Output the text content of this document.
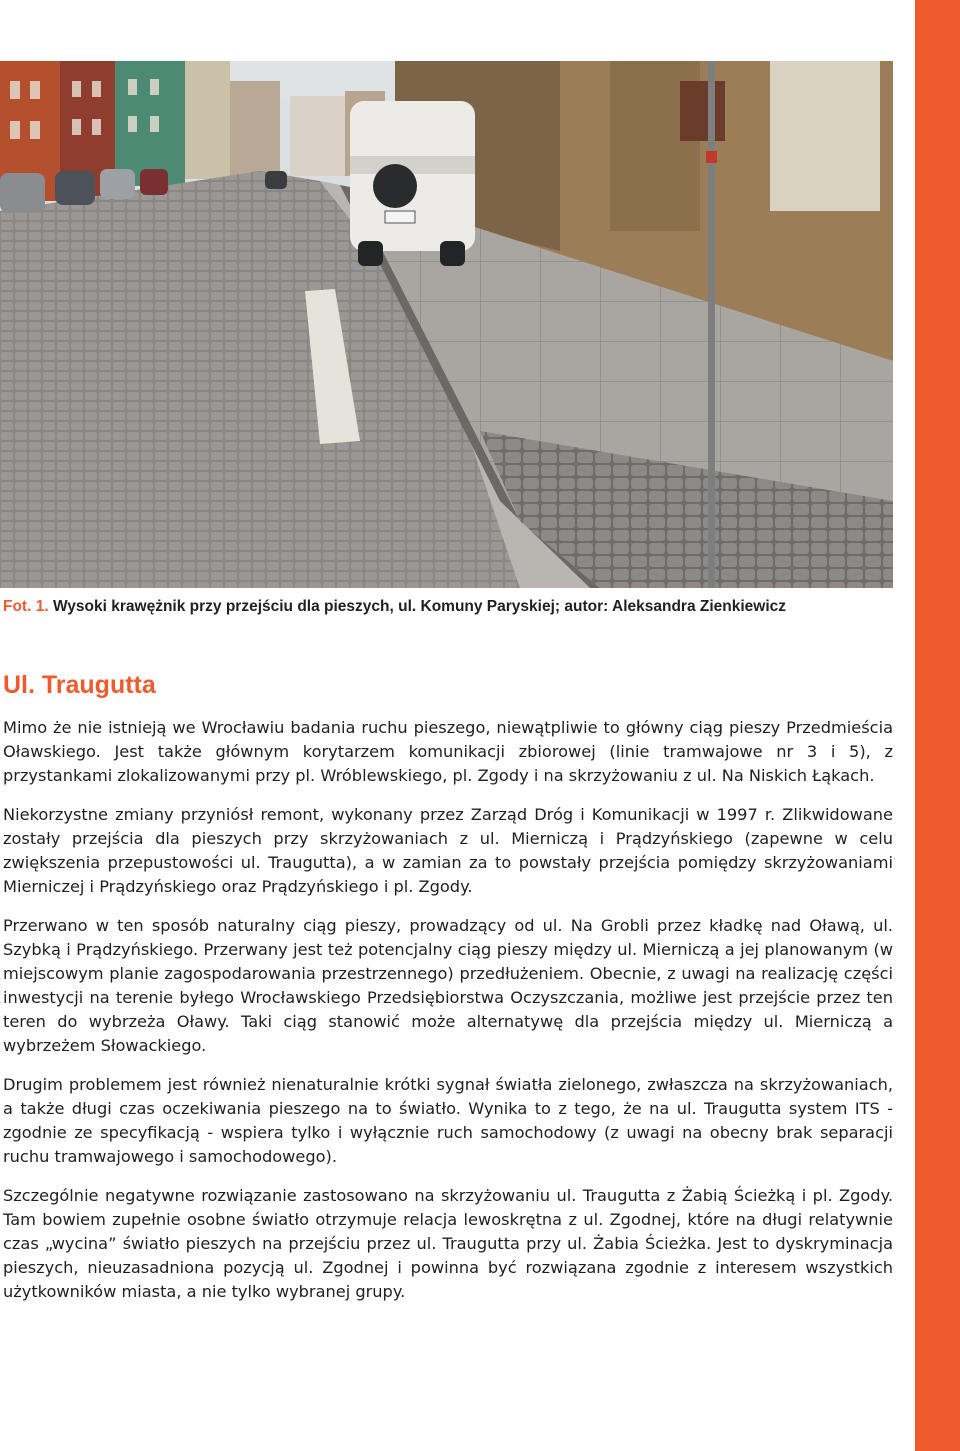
Fot. 1. Wysoki krawężnik przy przejściu dla pieszych, ul. Komuny Paryskiej; autor: Aleksandra Zienkiewicz
Ul. Traugutta

Mimo że nie istnieją we Wrocławiu badania ruchu pieszego, niewątpliwie to główny ciąg pieszy Przedmieścia Oławskiego. Jest także głównym korytarzem komunikacji zbiorowej (linie tramwajowe nr 3 i 5), z przystankami zlokalizowanymi przy pl. Wróblewskiego, pl. Zgody i na skrzyżowaniu z ul. Na Niskich Łąkach.

Niekorzystne zmiany przyniósł remont, wykonany przez Zarząd Dróg i Komunikacji w 1997 r. Zlikwidowane zostały przejścia dla pieszych przy skrzyżowaniach z ul. Mierniczą i Prądzyńskiego (zapewne w celu zwiększenia przepustowości ul. Traugutta), a w zamian za to powstały przejścia pomiędzy skrzyżowaniami Mierniczej i Prądzyńskiego oraz Prądzyńskiego i pl. Zgody.

Przerwano w ten sposób naturalny ciąg pieszy, prowadzący od ul. Na Grobli przez kładkę nad Oławą, ul. Szybką i Prądzyńskiego. Przerwany jest też potencjalny ciąg pieszy między ul. Mierniczą a jej planowanym (w miejscowym planie zagospodarowania przestrzennego) przedłużeniem. Obecnie, z uwagi na realizację części inwestycji na terenie byłego Wrocławskiego Przedsiębiorstwa Oczyszczania, możliwe jest przejście przez ten teren do wybrzeża Oławy. Taki ciąg stanowić może alternatywę dla przejścia między ul. Mierniczą a wybrzeżem Słowackiego.

Drugim problemem jest również nienaturalnie krótki sygnał światła zielonego, zwłaszcza na skrzyżowaniach, a także długi czas oczekiwania pieszego na to światło. Wynika to z tego, że na ul. Traugutta system ITS - zgodnie ze specyfikacją - wspiera tylko i wyłącznie ruch samochodowy (z uwagi na obecny brak separacji ruchu tramwajowego i samochodowego).

Szczególnie negatywne rozwiązanie zastosowano na skrzyżowaniu ul. Traugutta z Żabią Ścieżką i pl. Zgody. Tam bowiem zupełnie osobne światło otrzymuje relacja lewoskrętna z ul. Zgodnej, które na długi relatywnie czas „wycina” światło pieszych na przejściu przez ul. Traugutta przy ul. Żabia Ścieżka. Jest to dyskryminacja pieszych, nieuzasadniona pozycją ul. Zgodnej i powinna być rozwiązana zgodnie z interesem wszystkich użytkowników miasta, a nie tylko wybranej grupy.
